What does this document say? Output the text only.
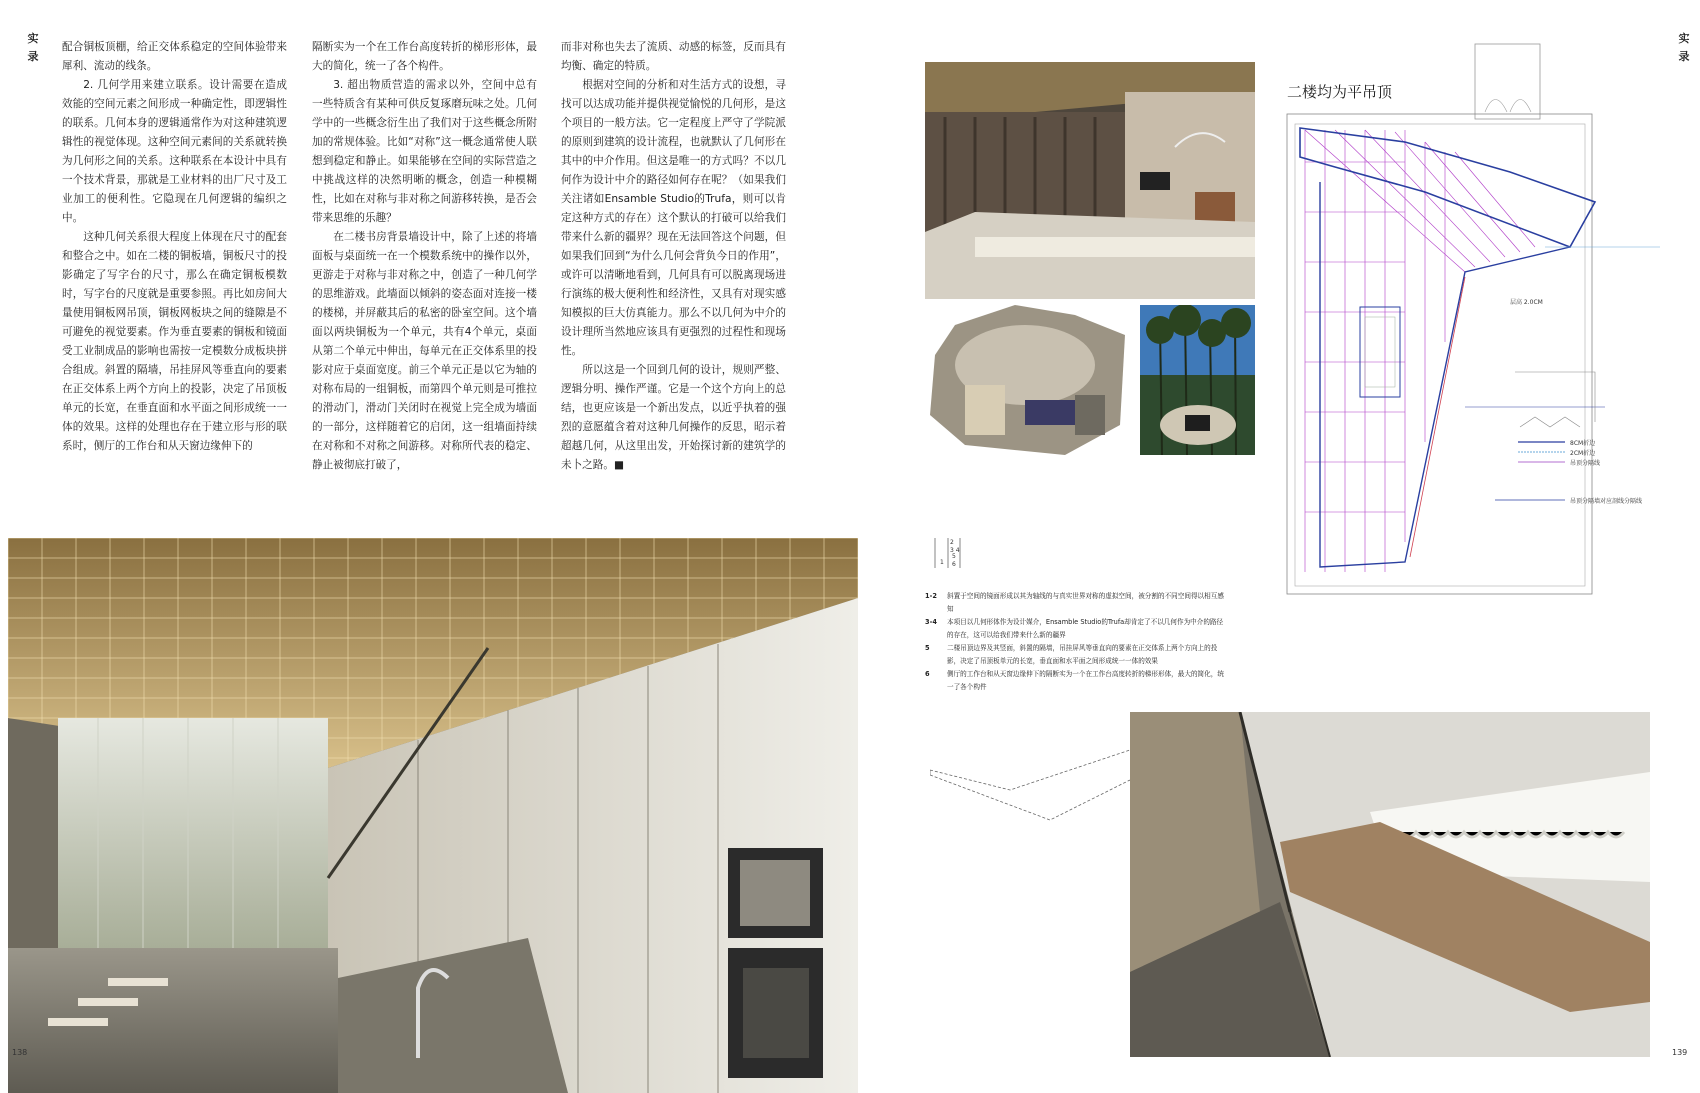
实录
实录

配合铜板顶棚，给正交体系稳定的空间体验带来犀利、流动的线条。

2. 几何学用来建立联系。设计需要在造成效能的空间元素之间形成一种确定性，即逻辑性的联系。几何本身的逻辑通常作为对这种建筑逻辑性的视觉体现。这种空间元素间的关系就转换为几何形之间的关系。这种联系在本设计中具有一个技术背景，那就是工业材料的出厂尺寸及工业加工的便利性。它隐现在几何逻辑的编织之中。

这种几何关系很大程度上体现在尺寸的配套和整合之中。如在二楼的铜板墙，铜板尺寸的投影确定了写字台的尺寸，那么在确定铜板模数时，写字台的尺度就是重要参照。再比如房间大量使用铜板网吊顶，铜板网板块之间的缝隙是不可避免的视觉要素。作为垂直要素的铜板和镜面受工业制成品的影响也需按一定模数分成板块拼合组成。斜置的隔墙，吊挂屏风等垂直向的要素在正交体系上两个方向上的投影，决定了吊顶板单元的长宽，在垂直面和水平面之间形成统一一体的效果。这样的处理也存在于建立形与形的联系时，侧厅的工作台和从天窗边缘伸下的

隔断实为一个在工作台高度转折的梯形形体，最大的简化，统一了各个构件。

3. 超出物质营造的需求以外，空间中总有一些特质含有某种可供反复琢磨玩味之处。几何学中的一些概念衍生出了我们对于这些概念所附加的常规体验。比如“对称”这一概念通常使人联想到稳定和静止。如果能够在空间的实际营造之中挑战这样的决然明晰的概念，创造一种模糊性，比如在对称与非对称之间游移转换，是否会带来思维的乐趣？

在二楼书房背景墙设计中，除了上述的将墙面板与桌面统一在一个模数系统中的操作以外，更游走于对称与非对称之中，创造了一种几何学的思维游戏。此墙面以倾斜的姿态面对连接一楼的楼梯，并屏蔽其后的私密的卧室空间。这个墙面以两块铜板为一个单元，共有4个单元，桌面从第二个单元中伸出，每单元在正交体系里的投影对应于桌面宽度。前三个单元正是以它为轴的对称布局的一组铜板，而第四个单元则是可推拉的滑动门，滑动门关闭时在视觉上完全成为墙面的一部分，这样随着它的启闭，这一组墙面持续在对称和不对称之间游移。对称所代表的稳定、静止被彻底打破了，

而非对称也失去了流质、动感的标签，反而具有均衡、确定的特质。

根据对空间的分析和对生活方式的设想，寻找可以达成功能并提供视觉愉悦的几何形，是这个项目的一般方法。它一定程度上严守了学院派的原则到建筑的设计流程，也就默认了几何形在其中的中介作用。但这是唯一的方式吗？不以几何作为设计中介的路径如何存在呢？（如果我们关注诸如Ensamble Studio的Trufa，则可以肯定这种方式的存在）这个默认的打破可以给我们带来什么新的疆界？现在无法回答这个问题，但如果我们回到“为什么几何会背负今日的作用”，或许可以清晰地看到，几何具有可以脱离现场进行演练的极大便利性和经济性，又具有对现实感知模拟的巨大仿真能力。那么不以几何为中介的设计理所当然地应该具有更强烈的过程性和现场性。

所以这是一个回到几何的设计，规则严整、逻辑分明、操作严谨。它是一个这个方向上的总结，也更应该是一个新出发点，以近乎执着的强烈的意愿蕴含着对这种几何操作的反思，昭示着超越几何，从这里出发，开始探讨新的建筑学的未卜之路。■

1
2
3 4
5
6
1-2	斜置于空间的镜面形成以其为轴线的与真实世界对称的虚拟空间，被分割的不同空间得以相互感知
3-4	本项目以几何形体作为设计媒介，Ensamble Studio的Trufa却肯定了不以几何作为中介的路径的存在，这可以给我们带来什么新的疆界
5	二楼吊顶边界及其竖面，斜置的隔墙，吊挂屏风等垂直向的要素在正交体系上两个方向上的投影，决定了吊顶板单元的长宽，垂直面和水平面之间形成统一一体的效果
6	侧厅的工作台和从天窗边缘伸下的隔断实为一个在工作台高度转折的梯形形体，最大的简化，统一了各个构件
二楼均为平吊顶
层高 2.0CM
8CM折边
2CM折边
吊顶分隔线
吊顶分隔墙对应剖线分隔线
138	139
